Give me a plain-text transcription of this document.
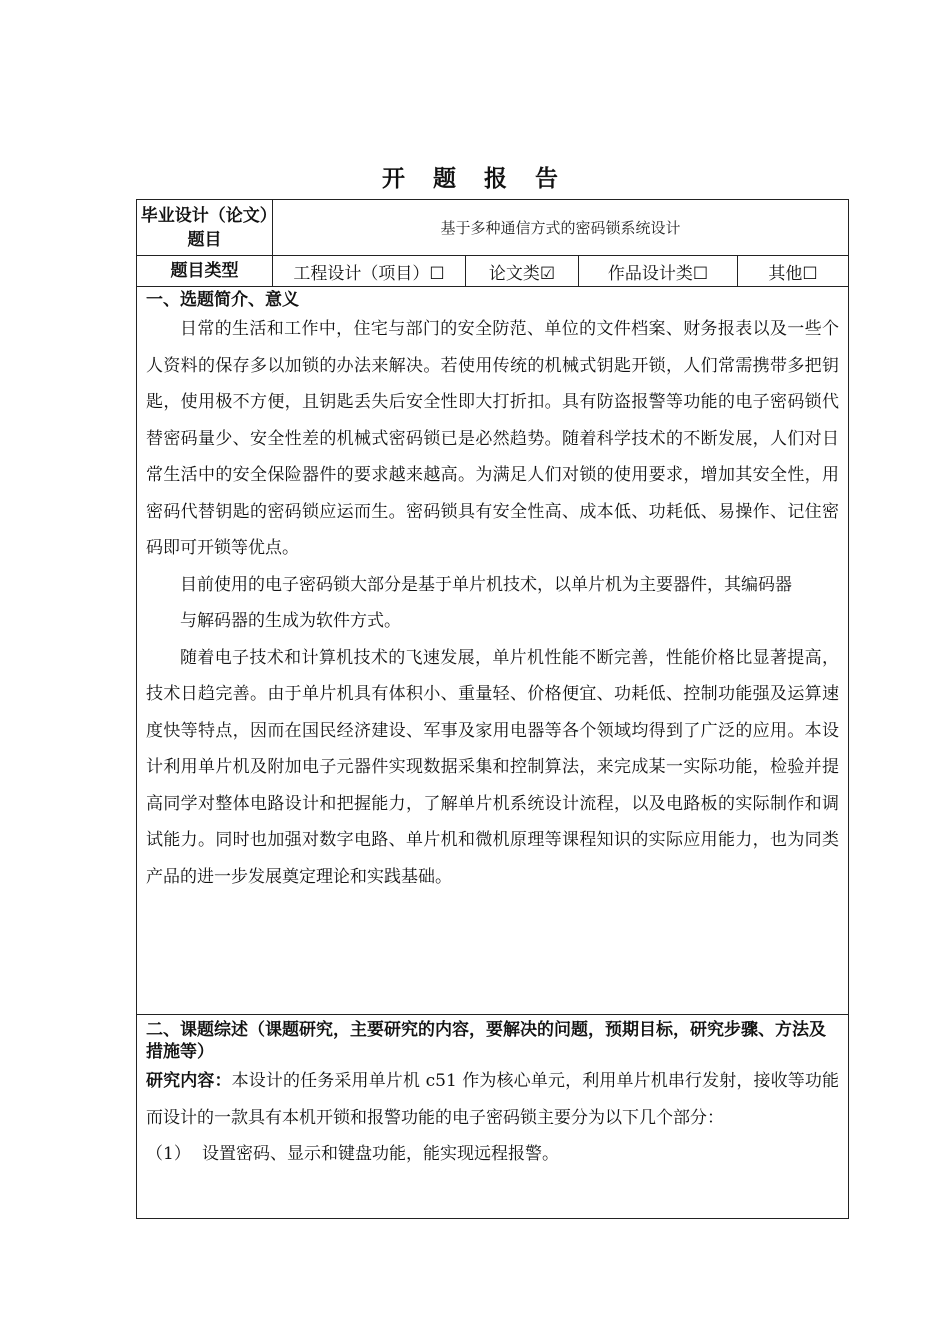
开 题 报 告
毕业设计（论文）题目	基于多种通信方式的密码锁系统设计			
题目类型	工程设计（项目）☐	论文类☑	作品设计类☐	其他☐

一、选题简介、意义

日常的生活和工作中，住宅与部门的安全防范、单位的文件档案、财务报表以及一些个人资料的保存多以加锁的办法来解决。若使用传统的机械式钥匙开锁，人们常需携带多把钥匙，使用极不方便，且钥匙丢失后安全性即大打折扣。具有防盗报警等功能的电子密码锁代替密码量少、安全性差的机械式密码锁已是必然趋势。随着科学技术的不断发展，人们对日常生活中的安全保险器件的要求越来越高。为满足人们对锁的使用要求，增加其安全性，用密码代替钥匙的密码锁应运而生。密码锁具有安全性高、成本低、功耗低、易操作、记住密码即可开锁等优点。

目前使用的电子密码锁大部分是基于单片机技术，以单片机为主要器件，其编码器

与解码器的生成为软件方式。

随着电子技术和计算机技术的飞速发展，单片机性能不断完善，性能价格比显著提高，技术日趋完善。由于单片机具有体积小、重量轻、价格便宜、功耗低、控制功能强及运算速度快等特点，因而在国民经济建设、军事及家用电器等各个领域均得到了广泛的应用。本设计利用单片机及附加电子元器件实现数据采集和控制算法，来完成某一实际功能，检验并提高同学对整体电路设计和把握能力，了解单片机系统设计流程，以及电路板的实际制作和调试能力。同时也加强对数字电路、单片机和微机原理等课程知识的实际应用能力，也为同类产品的进一步发展奠定理论和实践基础。				

二、课题综述（课题研究，主要研究的内容，要解决的问题，预期目标，研究步骤、方法及措施等）

研究内容：本设计的任务采用单片机 c51 作为核心单元，利用单片机串行发射，接收等功能而设计的一款具有本机开锁和报警功能的电子密码锁主要分为以下几个部分：

（1） 设置密码、显示和键盘功能，能实现远程报警。				
